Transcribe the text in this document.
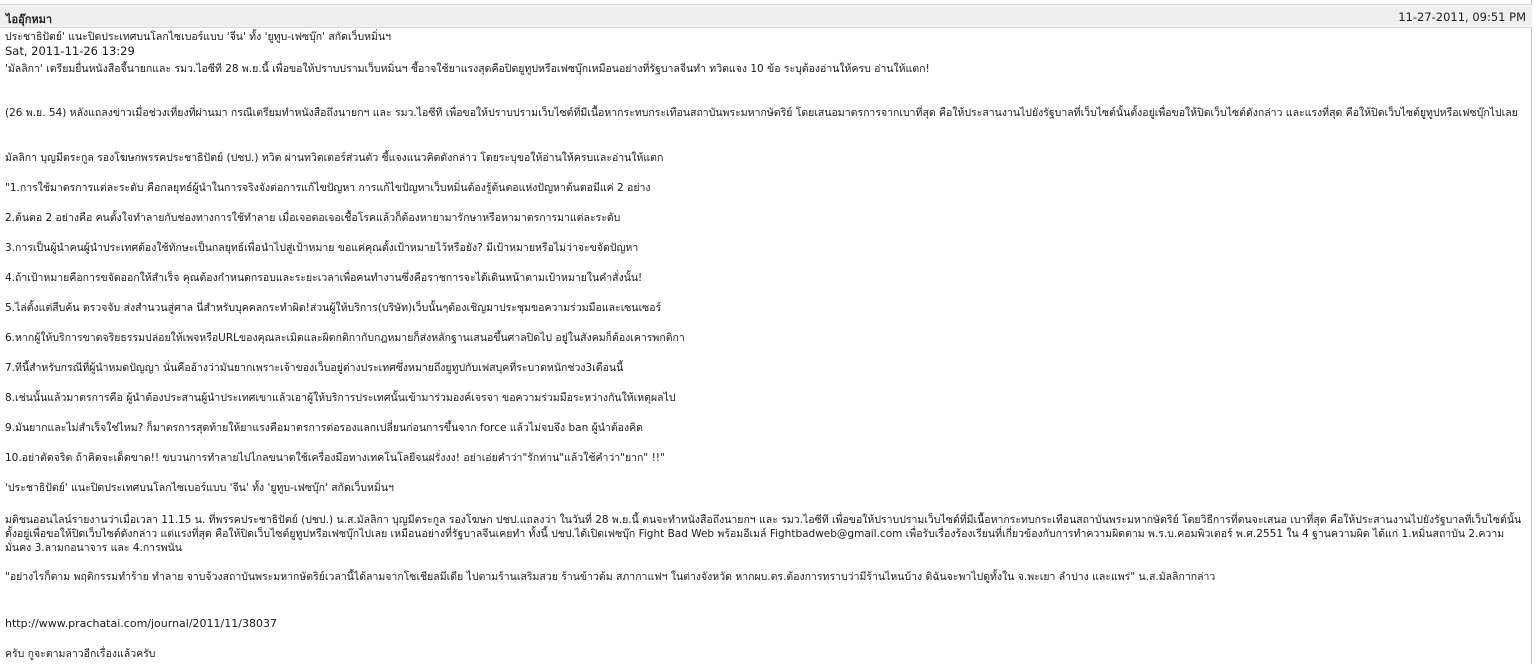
ไออุ๊กหมา	11-27-2011, 09:51 PM
ประชาธิปัตย์' แนะปิดประเทศบนโลกไซเบอร์แบบ 'จีน' ทั้ง 'ยูทูบ-เฟซบุ๊ก' สกัดเว็บหมิ่นฯ
Sat, 2011-11-26 13:29
'มัลลิกา' เตรียมยื่นหนังสือจี้นายกและ รมว.ไอซีที 28 พ.ย.นี้ เพื่อขอให้ปราบปรามเว็บหมิ่นฯ ชี้อาจใช้ยาแรงสุดคือปิดยูทูปหรือเฟซบุ๊กเหมือนอย่างที่รัฐบาลจีนทำ ทวิตแจง 10 ข้อ ระบุต้องอ่านให้ครบ อ่านให้แตก!
(26 พ.ย. 54) หลังแถลงข่าวเมื่อช่วงเที่ยงที่ผ่านมา กรณีเตรียมทำหนังสือถึงนายกฯ และ รมว.ไอซีที เพื่อขอให้ปราบปรามเว็บไซต์ที่มีเนื้อหากระทบกระเทือนสถาบันพระมหากษัตริย์ โดยเสนอมาตรการจากเบาที่สุด คือให้ประสานงานไปยังรัฐบาลที่เว็บไซต์นั้นตั้งอยู่เพื่อขอให้ปิดเว็บไซต์ดังกล่าว และแรงที่สุด คือให้ปิดเว็บไซต์ยูทูปหรือเฟซบุ๊กไปเลย
มัลลิกา บุญมีตระกูล รองโฆษกพรรคประชาธิปัตย์ (ปชป.) ทวิต ผ่านทวิตเตอร์ส่วนตัว ชี้แจงแนวคิดดังกล่าว โดยระบุขอให้อ่านให้ครบและอ่านให้แตก
"1.การใช้มาตรการแต่ละระดับ คือกลยุทธ์ผู้นำในการจริงจังต่อการแก้ไขปัญหา การแก้ไขปัญหาเว็บหมิ่นต้องรู้ต้นตอแห่งปัญหาต้นตอมีแค่ 2 อย่าง
2.ต้นตอ 2 อย่างคือ คนตั้งใจทำลายกับช่องทางการใช้ทำลาย เมื่อเจอตอเจอเชื้อโรคแล้วก็ต้องหายามารักษาหรือหามาตรการมาแต่ละระดับ
3.การเป็นผู้นำคนผู้นำประเทศต้องใช้ทักษะเป็นกลยุทธ์เพื่อนำไปสู่เป้าหมาย ขอแค่คุณตั้งเป้าหมายไว้หรือยัง? มีเป้าหมายหรือไม่ว่าจะขจัดปัญหา
4.ถ้าเป้าหมายคือการขจัดออกให้สำเร็จ คุณต้องกำหนดกรอบและระยะเวลาเพื่อคนทำงานซึ่งคือราชการจะได้เดินหน้าตามเป้าหมายในคำสั่งนั้น!
5.ไล่ตั้งแต่สืบค้น ตรวจจับ ส่งสำนวนสู่ศาล นี่สำหรับบุคคลกระทำผิด!ส่วนผู้ให้บริการ(บริษัท)เว็บนั้นๆต้องเชิญมาประชุมขอความร่วมมือและเซนเซอร์
6.หากผู้ให้บริการขาดจริยธรรมปล่อยให้เพจหรือURLของคุณละเมิดและผิดกติกากับกฎหมายก็ส่งหลักฐานเสนอขึ้นศาลปิดไป อยู่ในสังคมก็ต้องเคารพกติกา
7.ทีนี้สำหรับกรณีที่ผู้นำหมดปัญญา นั่นคืออ้างว่ามันยากเพราะเจ้าของเว็บอยู่ต่างประเทศซึ่งหมายถึงยูทูปกับเฟสบุคที่ระบาดหนักช่วง3เดือนนี้
8.เช่นนั้นแล้วมาตรการคือ ผู้นำต้องประสานผู้นำประเทศเขาแล้วเอาผู้ให้บริการประเทศนั้นเข้ามาร่วมองค์เจรจา ขอความร่วมมือระหว่างกันให้เหตุผลไป
9.มันยากและไม่สำเร็จใช่ไหม? ก็มาตรการสุดท้ายให้ยาแรงคือมาตรการต่อรองแลกเปลี่ยนก่อนการขึ้นจาก force แล้วไม่จบจึง ban ผู้นำต้องคิด
10.อย่าตัดจริต ถ้าคิดจะเด็ดขาด!! ขบวนการทำลายไปไกลขนาดใช้เครื่องมือทางเทคโนโลยีจนฝรั่งงง! อย่าเอ่ยคำว่า"รักท่าน"แล้วใช้คำว่า"ยาก" !!"
'ประชาธิปัตย์' แนะปิดประเทศบนโลกไซเบอร์แบบ 'จีน' ทั้ง 'ยูทูบ-เฟซบุ๊ก' สกัดเว็บหมิ่นฯ
มติชนออนไลน์รายงานว่าเมื่อเวลา 11.15 น. ที่พรรคประชาธิปัตย์ (ปชป.) น.ส.มัลลิกา บุญมีตระกูล รองโฆษก ปชป.แถลงว่า ในวันที่ 28 พ.ย.นี้ ตนจะทำหนังสือถึงนายกฯ และ รมว.ไอซีที เพื่อขอให้ปราบปรามเว็บไซต์ที่มีเนื้อหากระทบกระเทือนสถาบันพระมหากษัตริย์ โดยวิธีการที่ตนจะเสนอ เบาที่สุด คือให้ประสานงานไปยังรัฐบาลที่เว็บไซต์นั้นตั้งอยู่เพื่อขอให้ปิดเว็บไซต์ดังกล่าว แต่แรงที่สุด คือให้ปิดเว็บไซต์ยูทูปหรือเฟซบุ๊กไปเลย เหมือนอย่างที่รัฐบาลจีนเคยทำ ทั้งนี้ ปชป.ได้เปิดเฟซบุ๊ก Fight Bad Web พร้อมอีเมล์ Fightbadweb@gmail.com เพื่อรับเรื่องร้องเรียนที่เกี่ยวข้องกับการทำความผิดตาม พ.ร.บ.คอมพิวเตอร์ พ.ศ.2551 ใน 4 ฐานความผิด ได้แก่ 1.หมิ่นสถาบัน 2.ความมั่นคง 3.ลามกอนาจาร และ 4.การพนัน
"อย่างไรก็ตาม พฤติกรรมทำร้าย ทำลาย จาบจ้วงสถาบันพระมหากษัตริย์เวลานี้ได้ลามจากโซเชียลมีเดีย ไปตามร้านเสริมสวย ร้านข้าวต้ม สภากาแฟฯ ในต่างจังหวัด หากผบ.ตร.ต้องการทราบว่ามีร้านไหนบ้าง ดิฉันจะพาไปดูทั้งใน จ.พะเยา ลำปาง และแพร่" น.ส.มัลลิกากล่าว
http://www.prachatai.com/journal/2011/11/38037
ครับ กูจะตามลาวอีกเรื่องแล้วครับ
